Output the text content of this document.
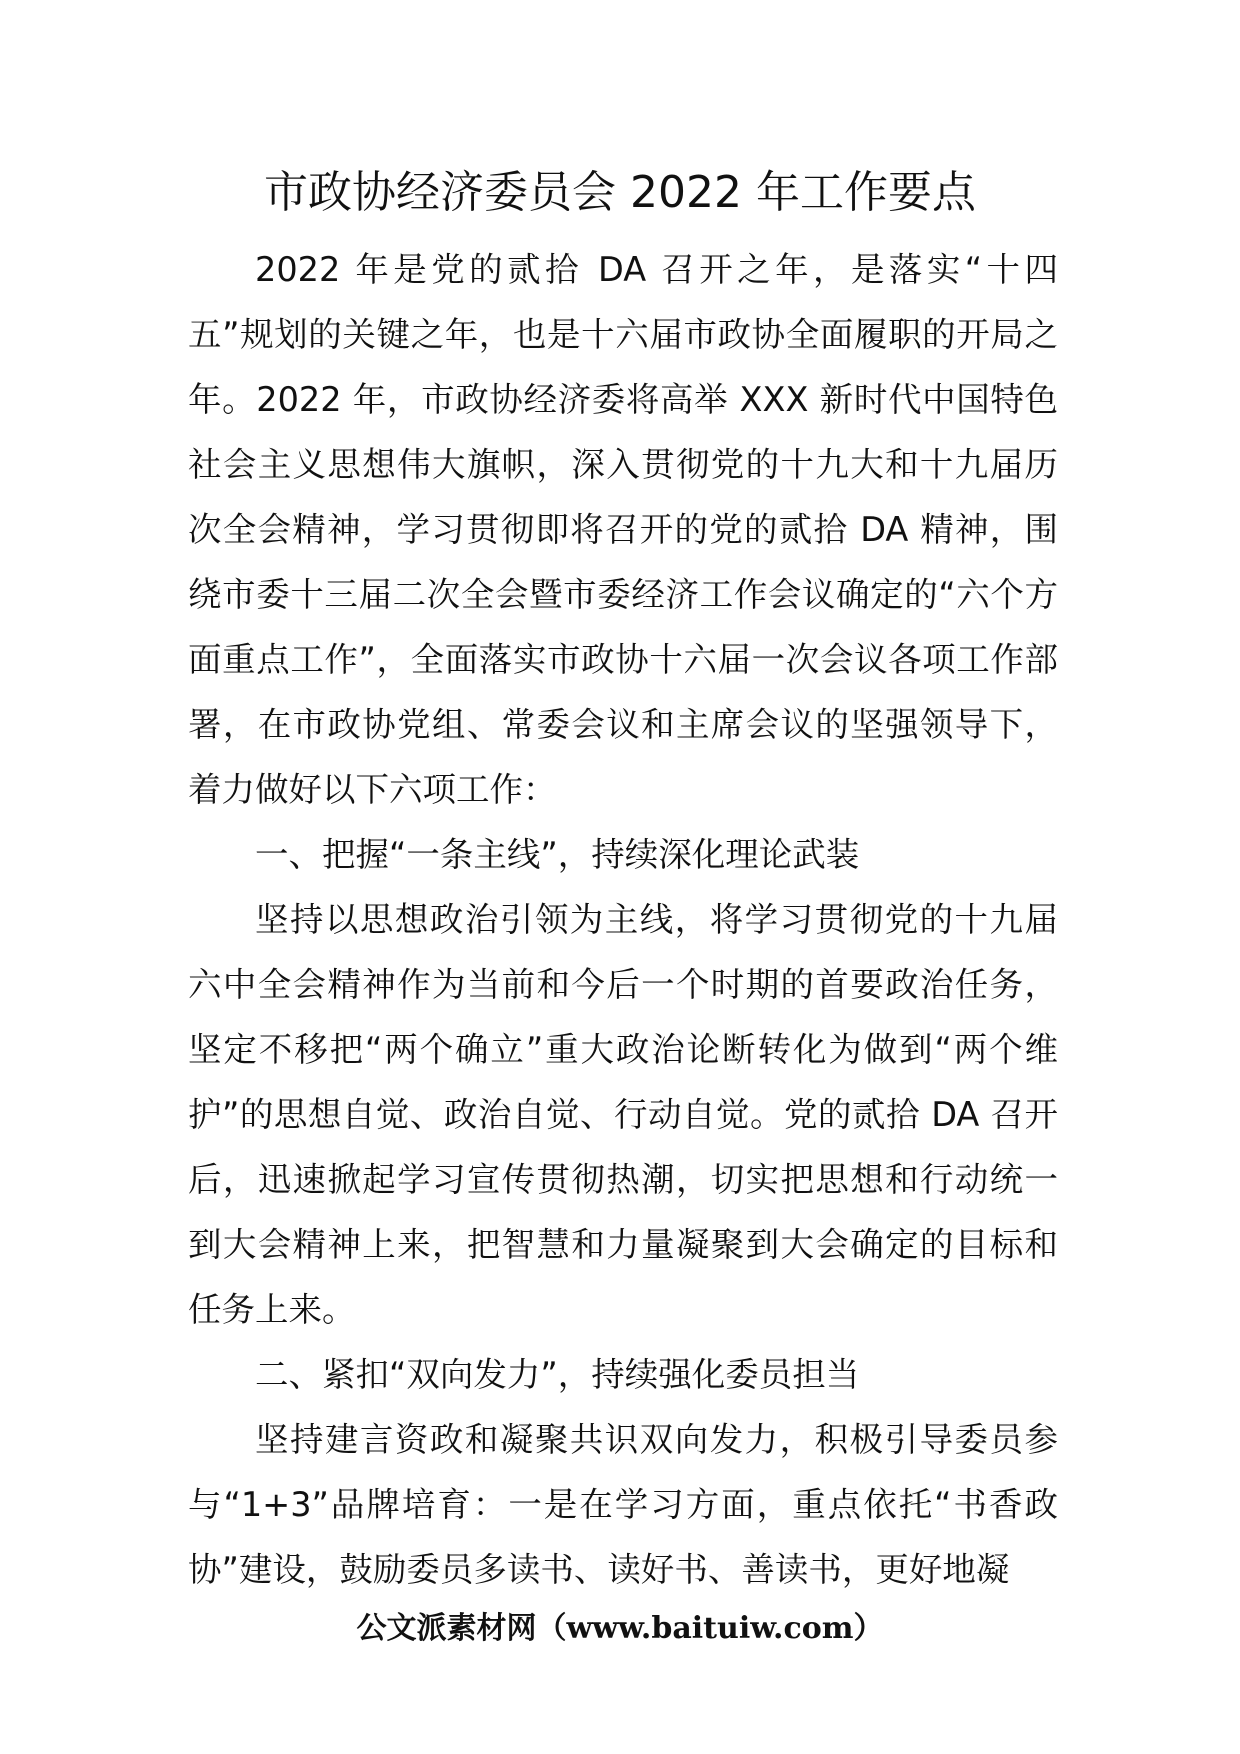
市政协经济委员会 2022 年工作要点

2022 年是党的贰拾 DA 召开之年，是落实“十四五”规划的关键之年，也是十六届市政协全面履职的开局之年。2022 年，市政协经济委将高举 XXX 新时代中国特色社会主义思想伟大旗帜，深入贯彻党的十九大和十九届历次全会精神，学习贯彻即将召开的党的贰拾 DA 精神，围绕市委十三届二次全会暨市委经济工作会议确定的“六个方面重点工作”，全面落实市政协十六届一次会议各项工作部署，在市政协党组、常委会议和主席会议的坚强领导下，着力做好以下六项工作：

一、把握“一条主线”，持续深化理论武装

坚持以思想政治引领为主线，将学习贯彻党的十九届六中全会精神作为当前和今后一个时期的首要政治任务，坚定不移把“两个确立”重大政治论断转化为做到“两个维护”的思想自觉、政治自觉、行动自觉。党的贰拾 DA 召开后，迅速掀起学习宣传贯彻热潮，切实把思想和行动统一到大会精神上来，把智慧和力量凝聚到大会确定的目标和任务上来。

二、紧扣“双向发力”，持续强化委员担当

坚持建言资政和凝聚共识双向发力，积极引导委员参与“1+3”品牌培育：一是在学习方面，重点依托“书香政协”建设，鼓励委员多读书、读好书、善读书，更好地凝

公文派素材网（www.baituiw.com）
